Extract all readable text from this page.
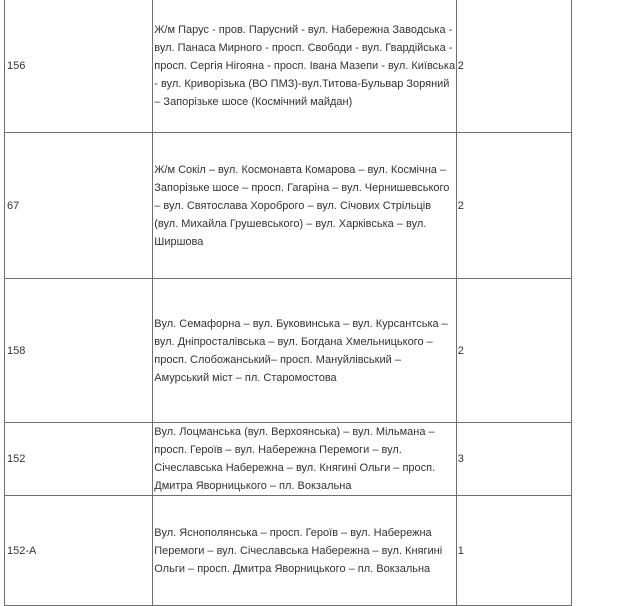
156	Ж/м Парус - пров. Парусний - вул. Набережна Заводська - вул. Панаса Мирного - просп. Свободи - вул. Гвардійська - просп. Сергія Нігояна - просп. Івана Мазепи - вул. Київська - вул. Криворізька (ВО ПМЗ)-вул.Титова-Бульвар Зоряний – Запорізьке шосе (Космічний майдан)	2
67	Ж/м Сокіл – вул. Космонавта Комарова – вул. Космічна – Запорізьке шосе – просп. Гагаріна – вул. Чернишевського – вул. Святослава Хороброго – вул. Січових Стрільців (вул. Михайла Грушевського) – вул. Харківська – вул. Ширшова	2
158	Вул. Семафорна – вул. Буковинська – вул. Курсантська – вул. Дніпросталівська – вул. Богдана Хмельницького – просп. Слобожанський– просп. Мануйлівський – Амурський міст – пл. Старомостова	2
152	Вул. Лоцманська (вул. Верхоянська) – вул. Мільмана – просп. Героїв – вул. Набережна Перемоги – вул. Січеславська Набережна – вул. Княгині Ольги – просп. Дмитра Яворницького – пл. Вокзальна	3
152-А	Вул. Яснополянська – просп. Героїв – вул. Набережна Перемоги – вул. Січеславська Набережна – вул. Княгині Ольги – просп. Дмитра Яворницького – пл. Вокзальна	1
